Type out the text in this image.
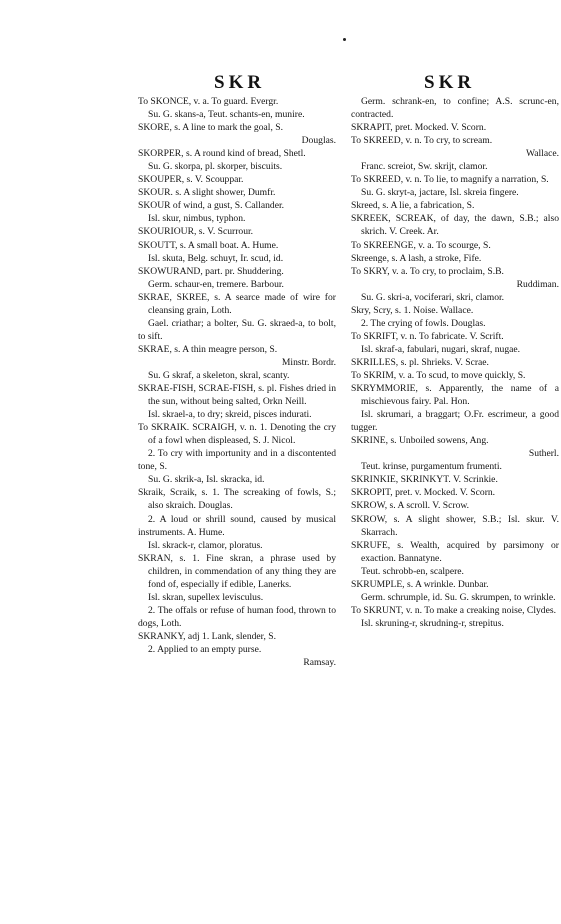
SKR	SKR
To SKONCE, v. a. To guard. Evergr.
Su. G. skans-a, Teut. schants-en, munire.
SKORE, s. A line to mark the goal, S.
Douglas.
SKORPER, s. A round kind of bread, Shetl.
Su. G. skorpa, pl. skorper, biscuits.
SKOUPER, s. V. Scouppar.
SKOUR. s. A slight shower, Dumfr.
SKOUR of wind, a gust, S. Callander.
Isl. skur, nimbus, typhon.
SKOURIOUR, s. V. Scurrour.
SKOUTT, s. A small boat. A. Hume.
Isl. skuta, Belg. schuyt, Ir. scud, id.
SKOWURAND, part. pr. Shuddering.
Germ. schaur-en, tremere. Barbour.
SKRAE, SKREE, s. A searce made of wire for cleansing grain, Loth.
Gael. criathar; a bolter, Su. G. skraed-a, to bolt, to sift.
SKRAE, s. A thin meagre person, S.
Minstr. Bordr.
Su. G skraf, a skeleton, skral, scanty.
SKRAE-FISH, SCRAE-FISH, s. pl. Fishes dried in the sun, without being salted, Orkn Neill.
Isl. skrael-a, to dry; skreid, pisces indurati.
To SKRAIK. SCRAIGH, v. n. 1. Denoting the cry of a fowl when displeased, S. J. Nicol.
2. To cry with importunity and in a discontented tone, S.
Su. G. skrik-a, Isl. skracka, id.
Skraik, Scraik, s. 1. The screaking of fowls, S.; also skraich. Douglas.
2. A loud or shrill sound, caused by musical instruments. A. Hume.
Isl. skrack-r, clamor, ploratus.
SKRAN, s. 1. Fine skran, a phrase used by children, in commendation of any thing they are fond of, especially if edible, Lanerks.
Isl. skran, supellex levisculus.
2. The offals or refuse of human food, thrown to dogs, Loth.
SKRANKY, adj 1. Lank, slender, S.
2. Applied to an empty purse.
Ramsay.
Germ. schrank-en, to confine; A.S. scrunc-en, contracted.
SKRAPIT, pret. Mocked. V. Scorn.
To SKREED, v. n. To cry, to scream.
Wallace.
Franc. screiot, Sw. skrijt, clamor.
To SKREED, v. n. To lie, to magnify a narration, S.
Su. G. skryt-a, jactare, Isl. skreia fingere.
Skreed, s. A lie, a fabrication, S.
SKREEK, SCREAK, of day, the dawn, S.B.; also skrich. V. Creek. Ar.
To SKREENGE, v. a. To scourge, S.
Skreenge, s. A lash, a stroke, Fife.
To SKRY, v. a. To cry, to proclaim, S.B.
Ruddiman.
Su. G. skri-a, vociferari, skri, clamor.
Skry, Scry, s. 1. Noise. Wallace.
2. The crying of fowls. Douglas.
To SKRIFT, v. n. To fabricate. V. Scrift.
Isl. skraf-a, fabulari, nugari, skraf, nugae.
SKRILLES, s. pl. Shrieks. V. Scrae.
To SKRIM, v. a. To scud, to move quickly, S.
SKRYMMORIE, s. Apparently, the name of a mischievous fairy. Pal. Hon.
Isl. skrumari, a braggart; O.Fr. escrimeur, a good tugger.
SKRINE, s. Unboiled sowens, Ang.
Sutherl.
Teut. krinse, purgamentum frumenti.
SKRINKIE, SKRINKYT. V. Scrinkie.
SKROPIT, pret. v. Mocked. V. Scorn.
SKROW, s. A scroll. V. Scrow.
SKROW, s. A slight shower, S.B.; Isl. skur. V. Skarrach.
SKRUFE, s. Wealth, acquired by parsimony or exaction. Bannatyne.
Teut. schrobb-en, scalpere.
SKRUMPLE, s. A wrinkle. Dunbar.
Germ. schrumple, id. Su. G. skrumpen, to wrinkle.
To SKRUNT, v. n. To make a creaking noise, Clydes.
Isl. skruning-r, skrudning-r, strepitus.
